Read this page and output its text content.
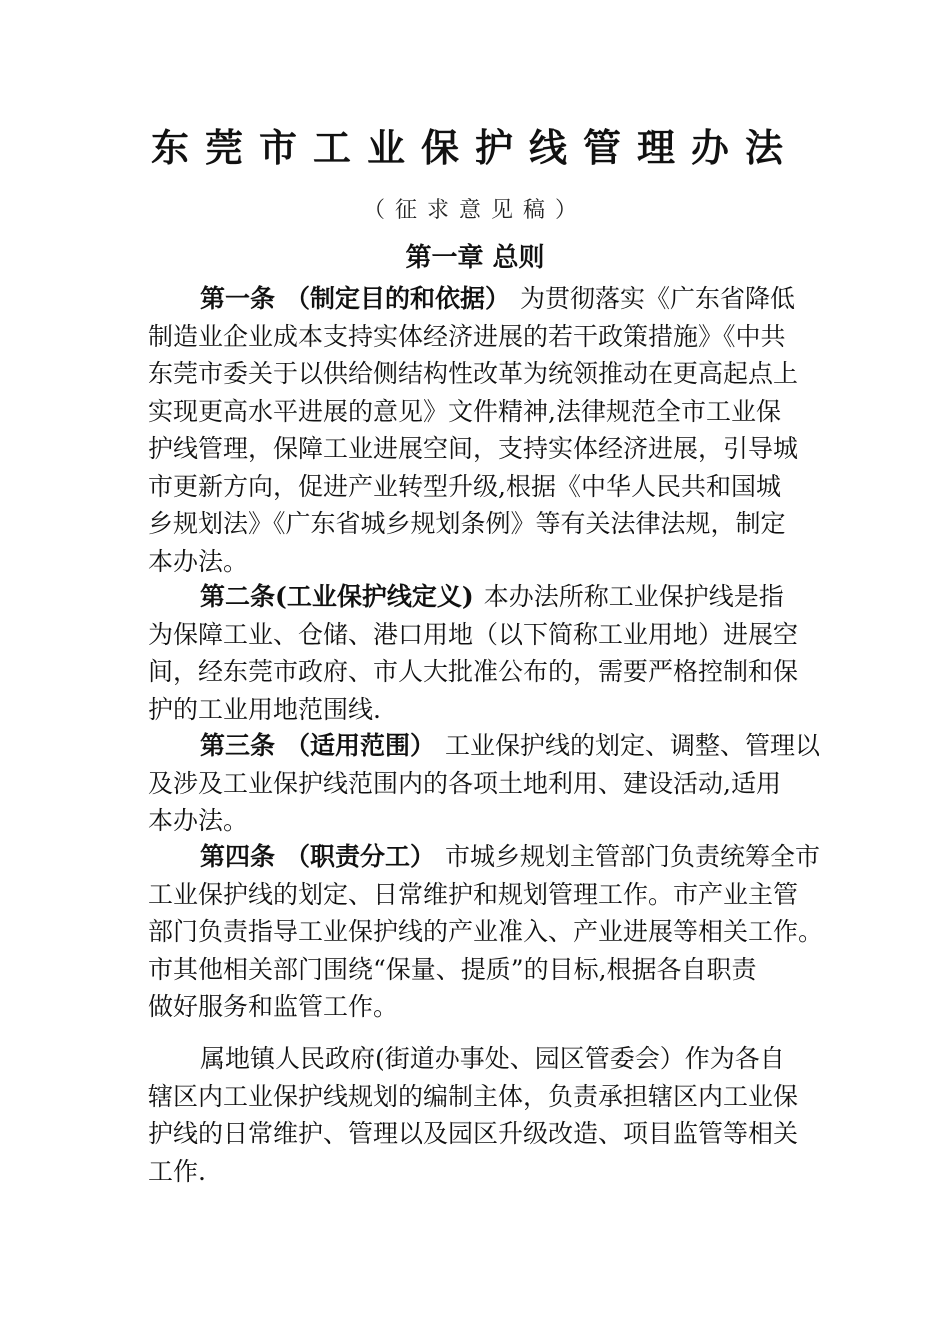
东莞市工业保护线管理办法
（征求意见稿）
第一章 总则
第一条 （制定目的和依据） 为贯彻落实《广东省降低
制造业企业成本支持实体经济进展的若干政策措施》《中共
东莞市委关于以供给侧结构性改革为统领推动在更高起点上
实现更高水平进展的意见》文件精神,法律规范全市工业保
护线管理，保障工业进展空间，支持实体经济进展，引导城
市更新方向，促进产业转型升级,根据《中华人民共和国城
乡规划法》《广东省城乡规划条例》等有关法律法规，制定
本办法。
第二条(工业保护线定义) 本办法所称工业保护线是指
为保障工业、仓储、港口用地（以下简称工业用地）进展空
间，经东莞市政府、市人大批准公布的，需要严格控制和保
护的工业用地范围线.
第三条 （适用范围） 工业保护线的划定、调整、管理以
及涉及工业保护线范围内的各项土地利用、建设活动,适用
本办法。
第四条 （职责分工） 市城乡规划主管部门负责统筹全市
工业保护线的划定、日常维护和规划管理工作。市产业主管
部门负责指导工业保护线的产业准入、产业进展等相关工作。
市其他相关部门围绕“保量、提质”的目标,根据各自职责
做好服务和监管工作。
属地镇人民政府(街道办事处、园区管委会）作为各自
辖区内工业保护线规划的编制主体，负责承担辖区内工业保
护线的日常维护、管理以及园区升级改造、项目监管等相关
工作.
